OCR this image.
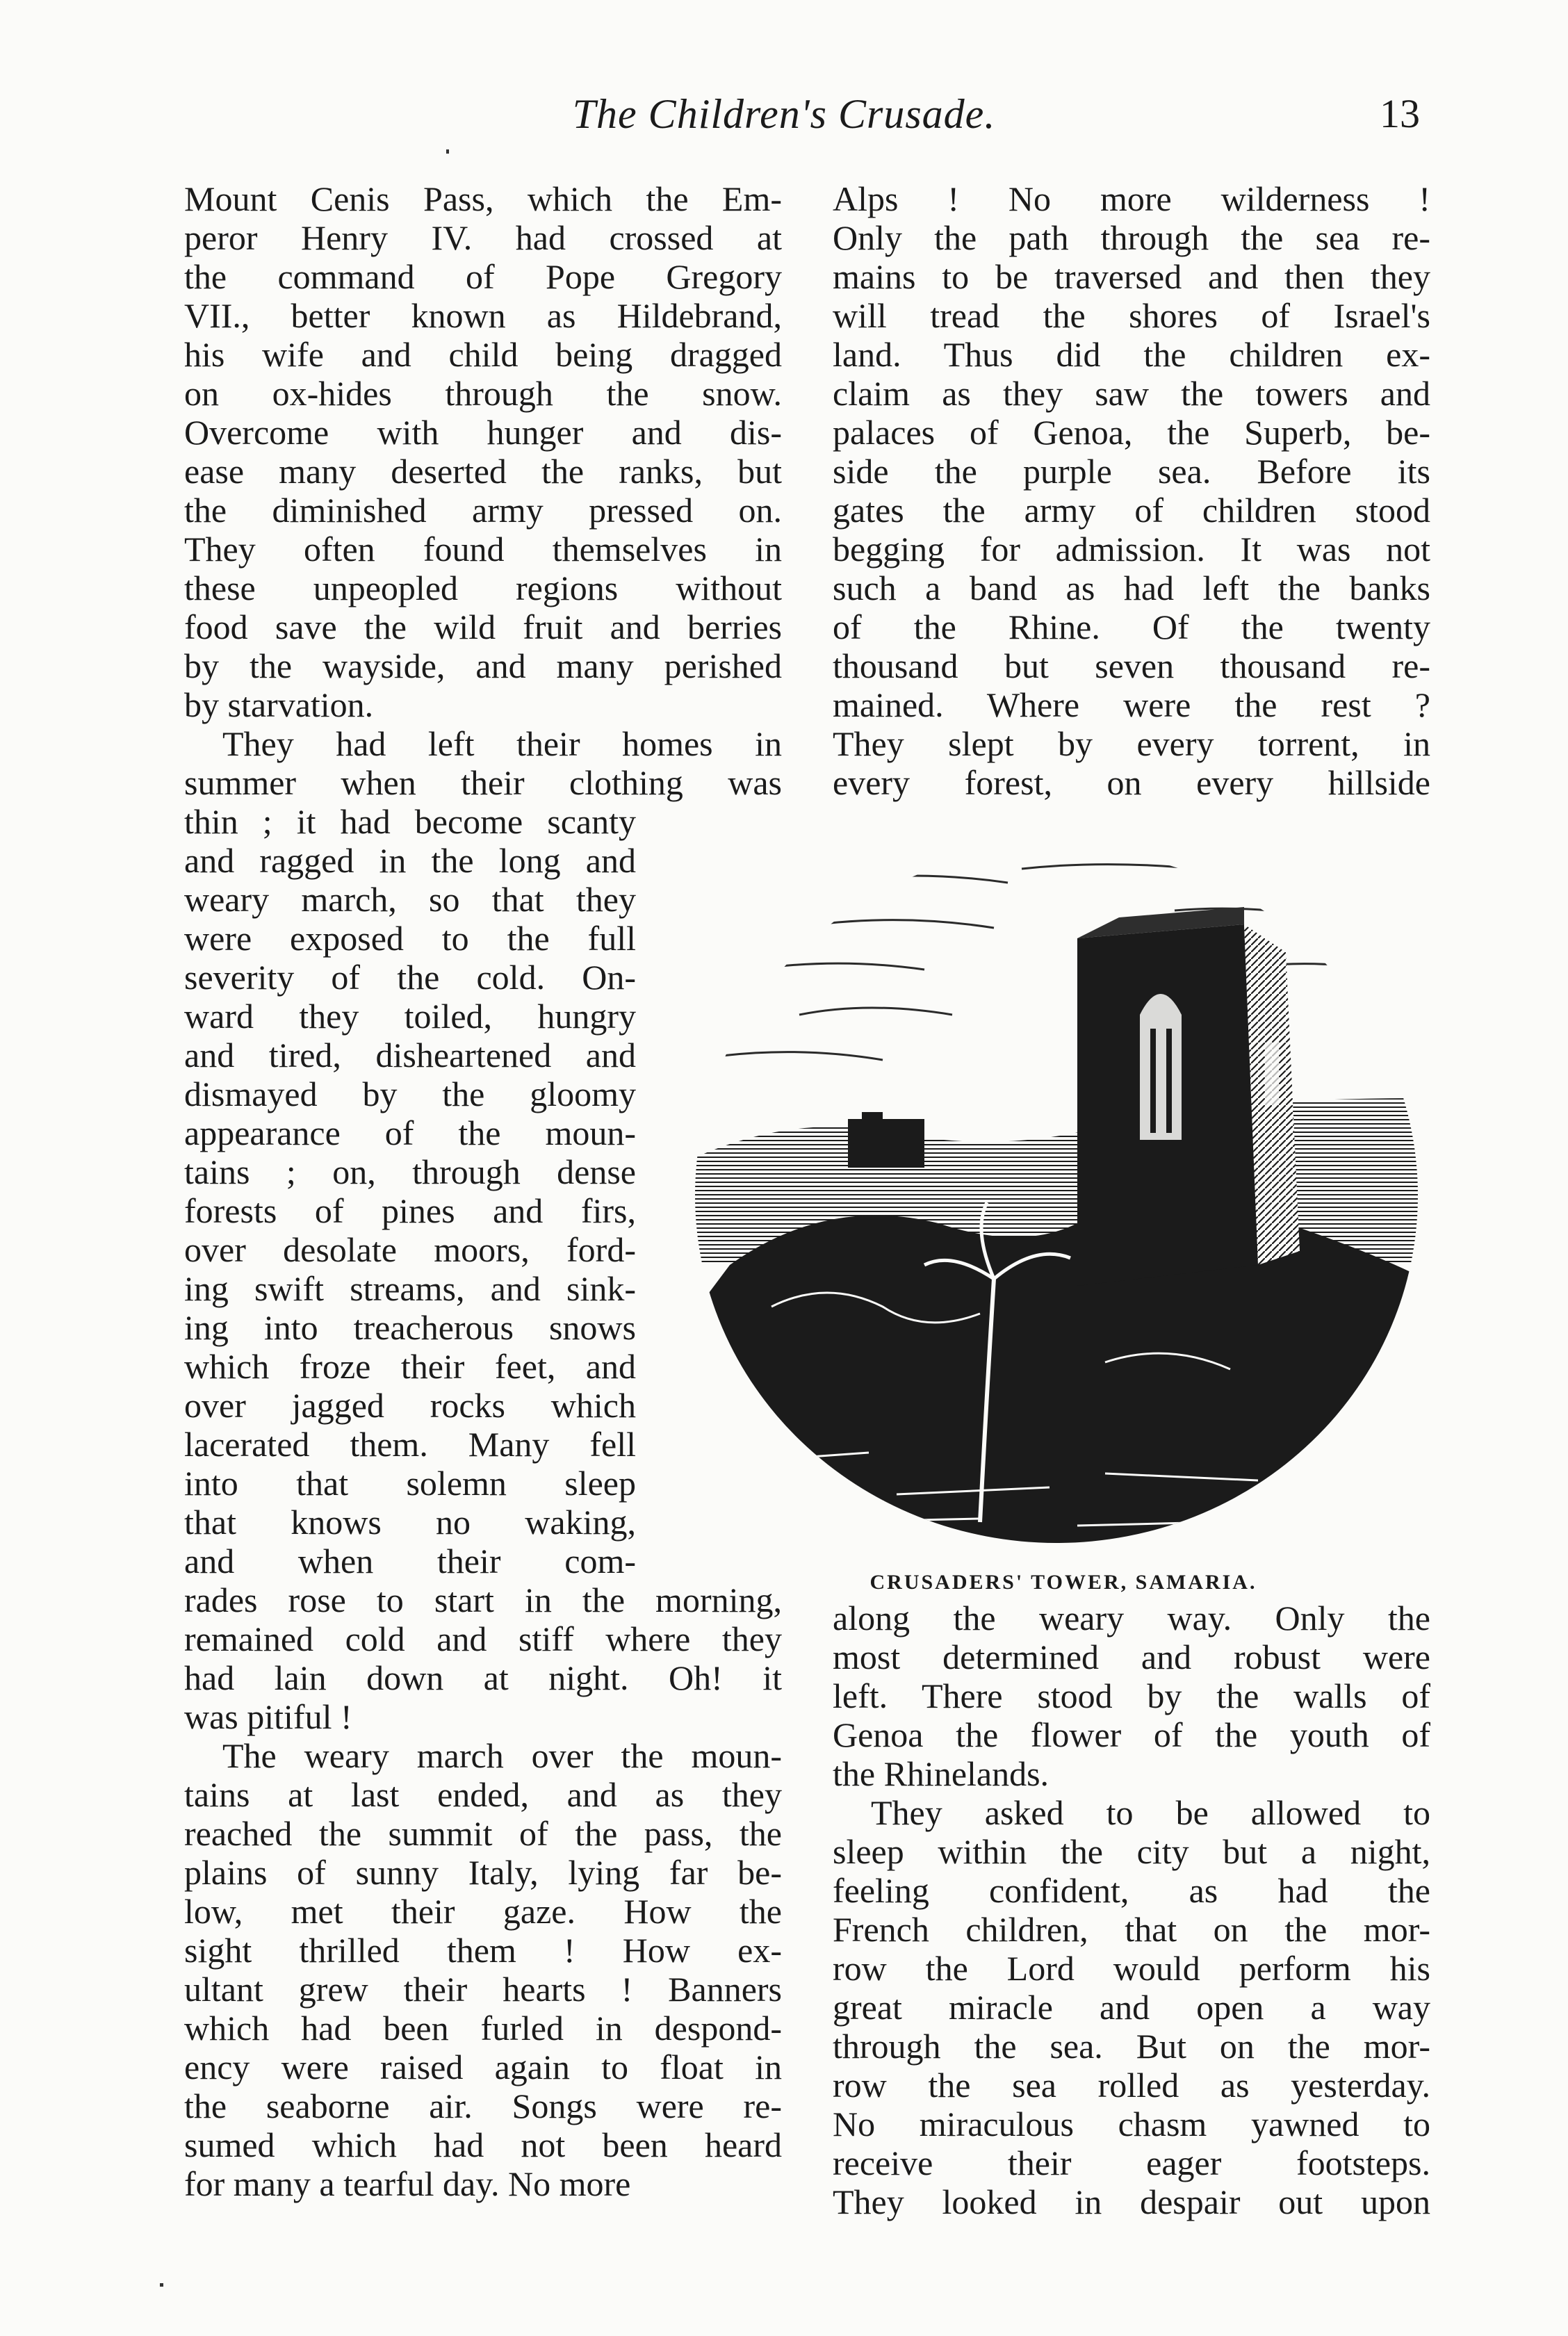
The Children's Crusade.	13
Mount Cenis Pass, which the Em-
peror Henry IV. had crossed at
the command of Pope Gregory
VII., better known as Hildebrand,
his wife and child being dragged
on ox-hides through the snow.
Overcome with hunger and dis-
ease many deserted the ranks, but
the diminished army pressed on.
They often found themselves in
these unpeopled regions without
food save the wild fruit and berries
by the wayside, and many perished
by starvation.
They had left their homes in
summer when their clothing was
thin ; it had become scanty
and ragged in the long and
weary march, so that they
were exposed to the full
severity of the cold. On-
ward they toiled, hungry
and tired, disheartened and
dismayed by the gloomy
appearance of the moun-
tains ; on, through dense
forests of pines and firs,
over desolate moors, ford-
ing swift streams, and sink-
ing into treacherous snows
which froze their feet, and
over jagged rocks which
lacerated them. Many fell
into that solemn sleep
that knows no waking,
and when their com-
rades rose to start in the morning,
remained cold and stiff where they
had lain down at night. Oh! it
was pitiful !
The weary march over the moun-
tains at last ended, and as they
reached the summit of the pass, the
plains of sunny Italy, lying far be-
low, met their gaze. How the
sight thrilled them ! How ex-
ultant grew their hearts ! Banners
which had been furled in despond-
ency were raised again to float in
the seaborne air. Songs were re-
sumed which had not been heard
for many a tearful day. No more
Alps ! No more wilderness !
Only the path through the sea re-
mains to be traversed and then they
will tread the shores of Israel's
land. Thus did the children ex-
claim as they saw the towers and
palaces of Genoa, the Superb, be-
side the purple sea. Before its
gates the army of children stood
begging for admission. It was not
such a band as had left the banks
of the Rhine. Of the twenty
thousand but seven thousand re-
mained. Where were the rest ?
They slept by every torrent, in
every forest, on every hillside
along the weary way. Only the
most determined and robust were
left. There stood by the walls of
Genoa the flower of the youth of
the Rhinelands.
They asked to be allowed to
sleep within the city but a night,
feeling confident, as had the
French children, that on the mor-
row the Lord would perform his
great miracle and open a way
through the sea. But on the mor-
row the sea rolled as yesterday.
No miraculous chasm yawned to
receive their eager footsteps.
They looked in despair out upon
CRUSADERS' TOWER, SAMARIA.
